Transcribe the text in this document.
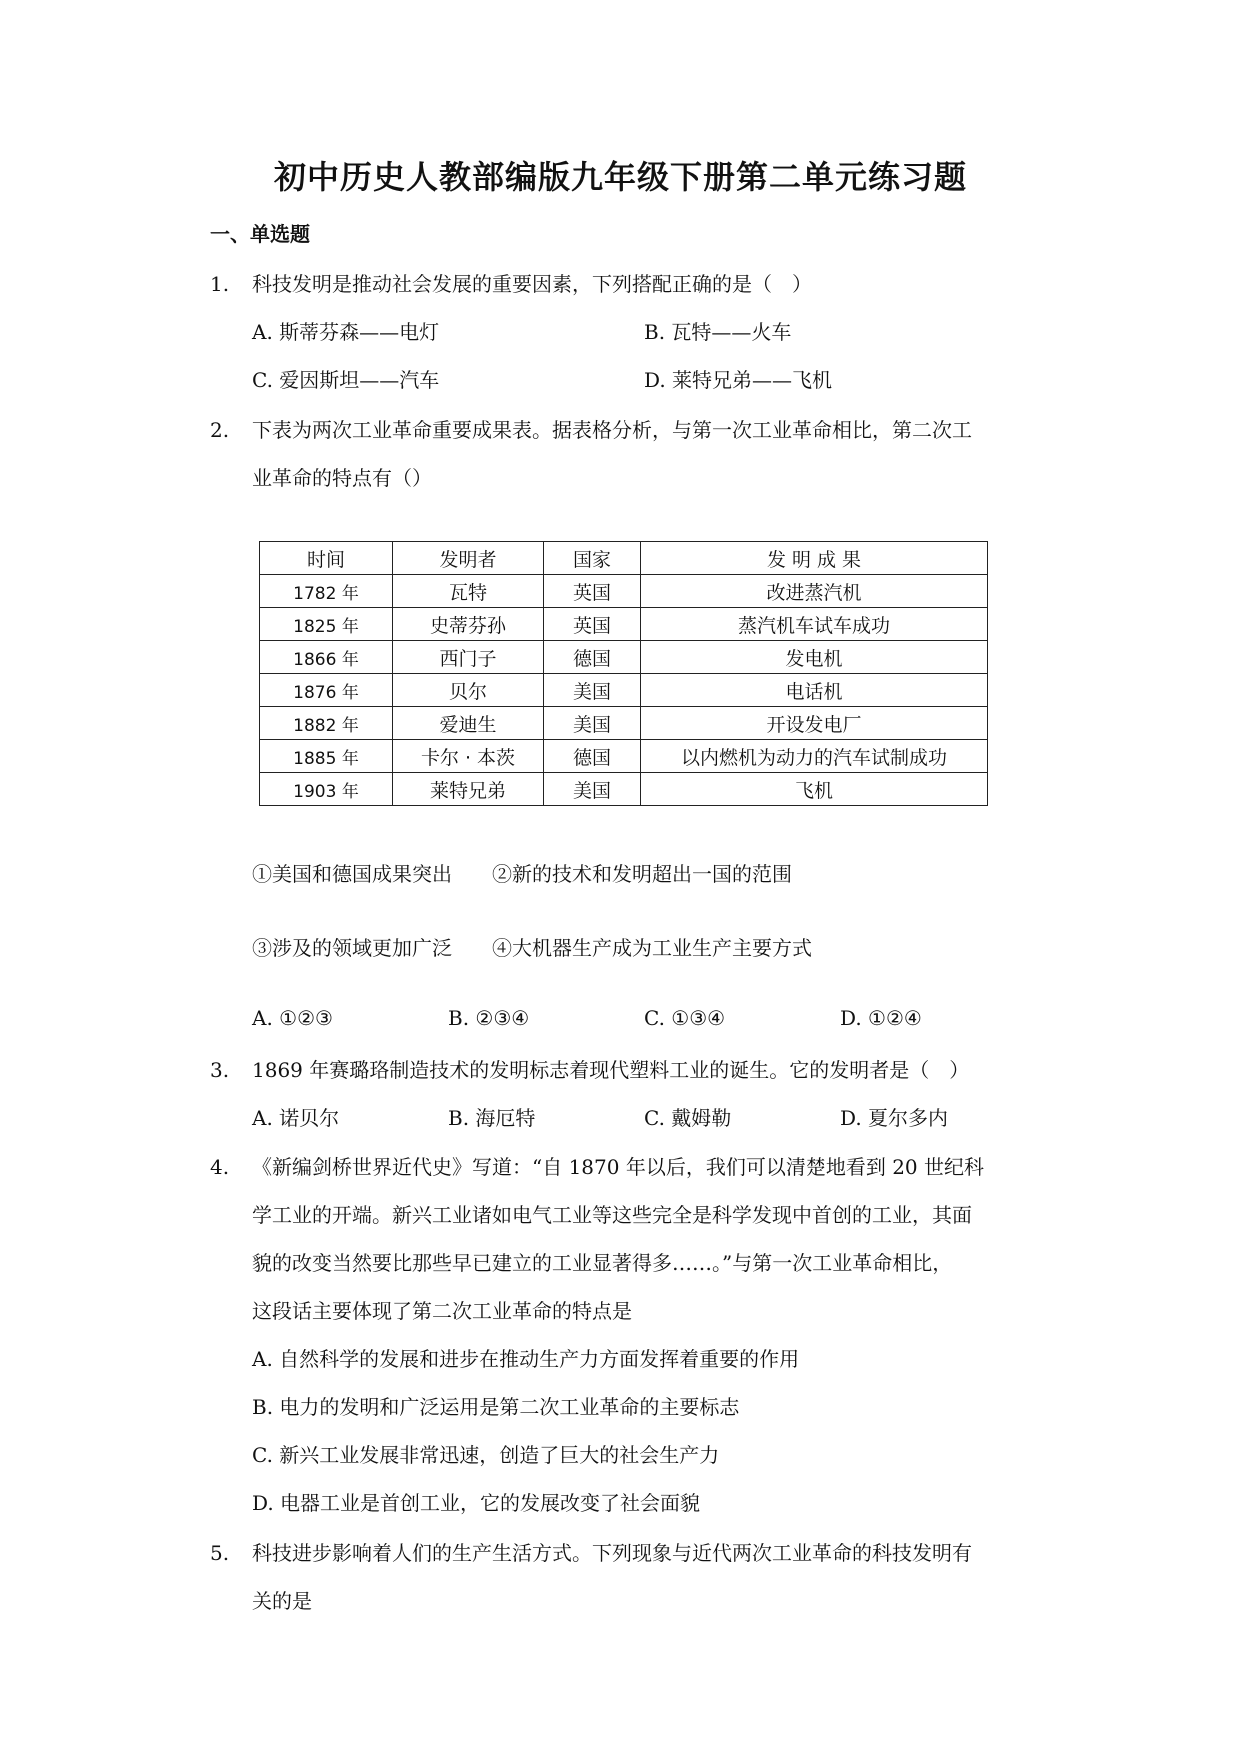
初中历史人教部编版九年级下册第二单元练习题
一、单选题
1. 科技发明是推动社会发展的重要因素，下列搭配正确的是（　）
A. 斯蒂芬森——电灯	B. 瓦特——火车
C. 爱因斯坦——汽车	D. 莱特兄弟——飞机
2. 下表为两次工业革命重要成果表。据表格分析，与第一次工业革命相比，第二次工
业革命的特点有（）
时间	发明者	国家	发 明 成 果
1782 年	瓦特	英国	改进蒸汽机
1825 年	史蒂芬孙	英国	蒸汽机车试车成功
1866 年	西门子	德国	发电机
1876 年	贝尔	美国	电话机
1882 年	爱迪生	美国	开设发电厂
1885 年	卡尔 · 本茨	德国	以内燃机为动力的汽车试制成功
1903 年	莱特兄弟	美国	飞机
①美国和德国成果突出　　②新的技术和发明超出一国的范围
③涉及的领域更加广泛　　④大机器生产成为工业生产主要方式
A. ①②③	B. ②③④	C. ①③④	D. ①②④
3. 1869 年赛璐珞制造技术的发明标志着现代塑料工业的诞生。它的发明者是（　）
A. 诺贝尔	B. 海厄特	C. 戴姆勒	D. 夏尔多内
4. 《新编剑桥世界近代史》写道：“自 1870 年以后，我们可以清楚地看到 20 世纪科
学工业的开端。新兴工业诸如电气工业等这些完全是科学发现中首创的工业，其面
貌的改变当然要比那些早已建立的工业显著得多……。”与第一次工业革命相比，
这段话主要体现了第二次工业革命的特点是
A. 自然科学的发展和进步在推动生产力方面发挥着重要的作用
B. 电力的发明和广泛运用是第二次工业革命的主要标志
C. 新兴工业发展非常迅速，创造了巨大的社会生产力
D. 电器工业是首创工业，它的发展改变了社会面貌
5. 科技进步影响着人们的生产生活方式。下列现象与近代两次工业革命的科技发明有
关的是
